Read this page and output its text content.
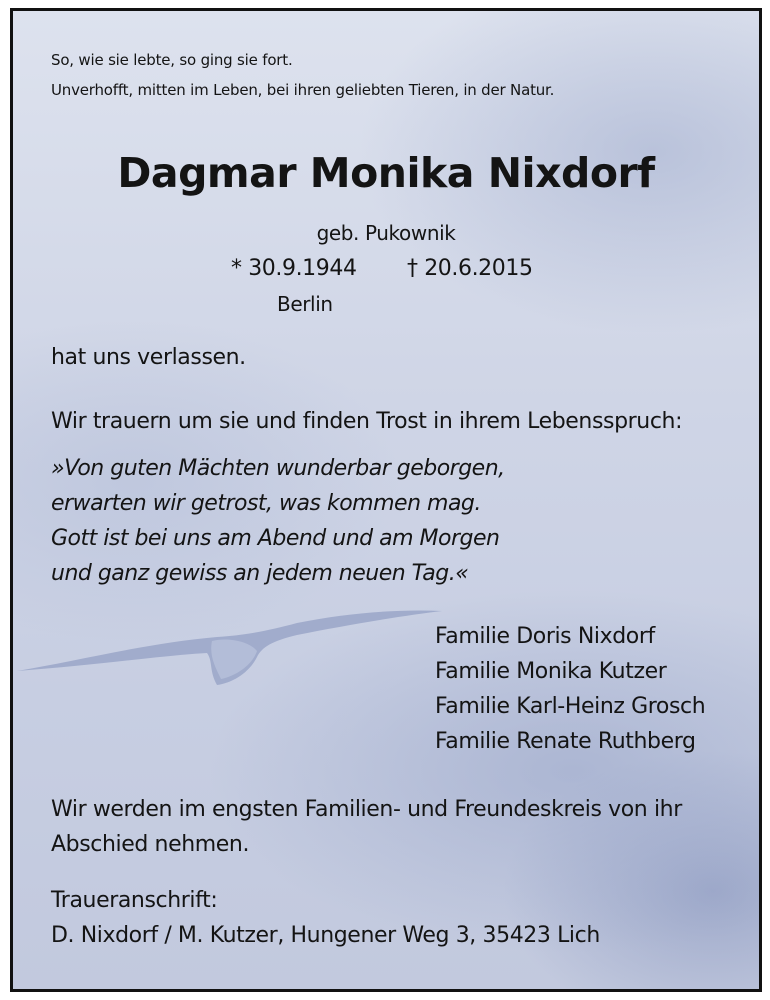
So, wie sie lebte, so ging sie fort.
Unverhofft, mitten im Leben, bei ihren geliebten Tieren, in der Natur.
Dagmar Monika Nixdorf
geb. Pukownik
* 30.9.1944 † 20.6.2015
Berlin
hat uns verlassen.
Wir trauern um sie und finden Trost in ihrem Lebensspruch:
»Von guten Mächten wunderbar geborgen,
erwarten wir getrost, was kommen mag.
Gott ist bei uns am Abend und am Morgen
und ganz gewiss an jedem neuen Tag.«
Familie Doris Nixdorf
Familie Monika Kutzer
Familie Karl-Heinz Grosch
Familie Renate Ruthberg
Wir werden im engsten Familien- und Freundeskreis von ihr
Abschied nehmen.
Traueranschrift:
D. Nixdorf / M. Kutzer, Hungener Weg 3, 35423 Lich
